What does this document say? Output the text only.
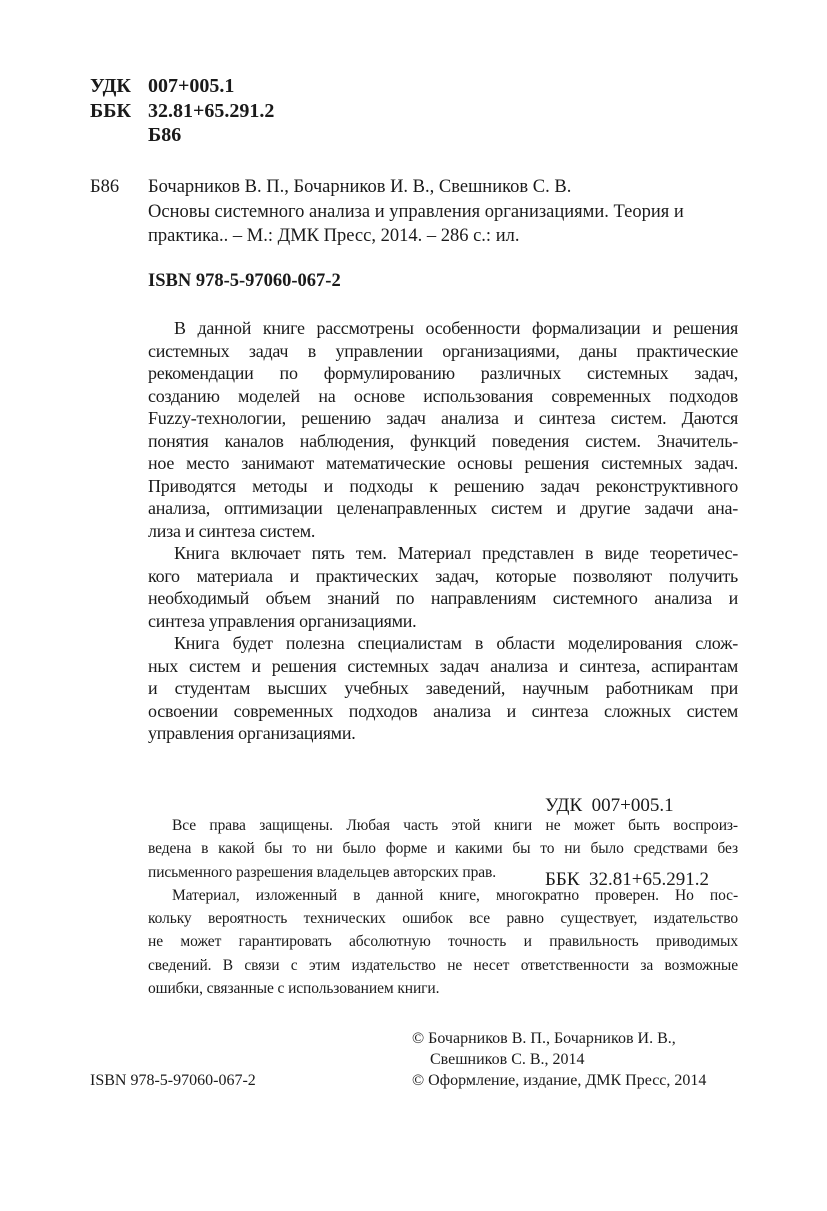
УДК 007+005.1
ББК 32.81+65.291.2
Б86
Б86 Бочарников В. П., Бочарников И. В., Свешников С. В.
Основы системного анализа и управления организациями. Теория и
практика.. – М.: ДМК Пресс, 2014. – 286 с.: ил.
ISBN 978-5-97060-067-2
В данной книге рассмотрены особенности формализации и решения
системных задач в управлении организациями, даны практические
рекомендации по формулированию различных системных задач,
созданию моделей на основе использования современных подходов
Fuzzy-технологии, решению задач анализа и синтеза систем. Даются
понятия каналов наблюдения, функций поведения систем. Значитель-
ное место занимают математические основы решения системных задач.
Приводятся методы и подходы к решению задач реконструктивного
анализа, оптимизации целенаправленных систем и другие задачи ана-
лиза и синтеза систем.
Книга включает пять тем. Материал представлен в виде теоретичес-
кого материала и практических задач, которые позволяют получить
необходимый объем знаний по направлениям системного анализа и
синтеза управления организациями.
Книга будет полезна специалистам в области моделирования слож-
ных систем и решения системных задач анализа и синтеза, аспирантам
и студентам высших учебных заведений, научным работникам при
освоении современных подходов анализа и синтеза сложных систем
управления организациями.

УДК  007+005.1

ББК  32.81+65.291.2

Все права защищены. Любая часть этой книги не может быть воспроиз-
ведена в какой бы то ни было форме и какими бы то ни было средствами без
письменного разрешения владельцев авторских прав.
Материал, изложенный в данной книге, многократно проверен. Но пос-
кольку вероятность технических ошибок все равно существует, издательство
не может гарантировать абсолютную точность и правильность приводимых
сведений. В связи с этим издательство не несет ответственности за возможные
ошибки, связанные с использованием книги.
© Бочарников В. П., Бочарников И. В.,
Свешников С. В., 2014
© Оформление, издание, ДМК Пресс, 2014
ISBN 978-5-97060-067-2
